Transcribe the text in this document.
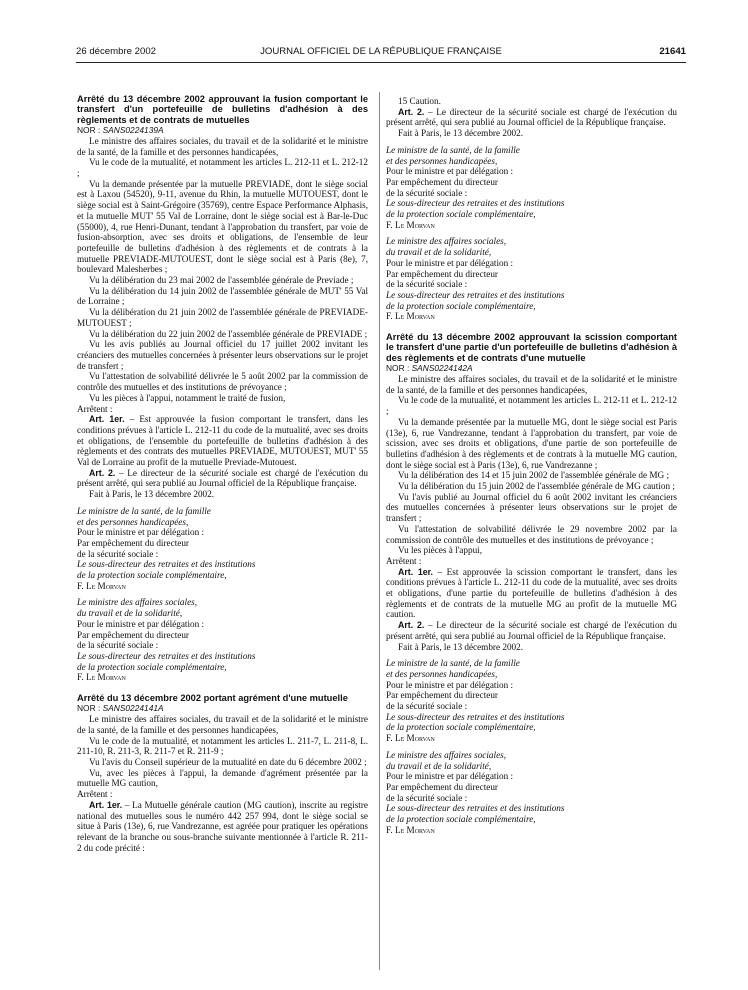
26 décembre 2002	JOURNAL OFFICIEL DE LA RÉPUBLIQUE FRANÇAISE	21641

Arrêté du 13 décembre 2002 approuvant la fusion comportant le transfert d'un portefeuille de bulletins d'adhésion à des règlements et de contrats de mutuelles

NOR : SANS0224139A

Le ministre des affaires sociales, du travail et de la solidarité et le ministre de la santé, de la famille et des personnes handicapées,

Vu le code de la mutualité, et notamment les articles L. 212-11 et L. 212-12 ;

Vu la demande présentée par la mutuelle PREVIADE, dont le siège social est à Laxou (54520), 9-11, avenue du Rhin, la mutuelle MUTOUEST, dont le siège social est à Saint-Grégoire (35769), centre Espace Performance Alphasis, et la mutuelle MUT' 55 Val de Lorraine, dont le siège social est à Bar-le-Duc (55000), 4, rue Henri-Dunant, tendant à l'approbation du transfert, par voie de fusion-absorption, avec ses droits et obligations, de l'ensemble de leur portefeuille de bulletins d'adhésion à des règlements et de contrats à la mutuelle PREVIADE-MUTOUEST, dont le siège social est à Paris (8e), 7, boulevard Malesherbes ;

Vu la délibération du 23 mai 2002 de l'assemblée générale de Previade ;

Vu la délibération du 14 juin 2002 de l'assemblée générale de MUT' 55 Val de Lorraine ;

Vu la délibération du 21 juin 2002 de l'assemblée générale de PREVIADE-MUTOUEST ;

Vu la délibération du 22 juin 2002 de l'assemblée générale de PREVIADE ;

Vu les avis publiés au Journal officiel du 17 juillet 2002 invitant les créanciers des mutuelles concernées à présenter leurs observations sur le projet de transfert ;

Vu l'attestation de solvabilité délivrée le 5 août 2002 par la commission de contrôle des mutuelles et des institutions de prévoyance ;

Vu les pièces à l'appui, notamment le traité de fusion,

Arrêtent :

Art. 1er. – Est approuvée la fusion comportant le transfert, dans les conditions prévues à l'article L. 212-11 du code de la mutualité, avec ses droits et obligations, de l'ensemble du portefeuille de bulletins d'adhésion à des règlements et des contrats des mutuelles PREVIADE, MUTOUEST, MUT' 55 Val de Lorraine au profit de la mutuelle Previade-Mutouest.

Art. 2. – Le directeur de la sécurité sociale est chargé de l'exécution du présent arrêté, qui sera publié au Journal officiel de la République française.

Fait à Paris, le 13 décembre 2002.

Le ministre de la santé, de la famille

et des personnes handicapées,

Pour le ministre et par délégation :

Par empêchement du directeur

de la sécurité sociale :

Le sous-directeur des retraites et des institutions

de la protection sociale complémentaire,

F. Le Morvan

Le ministre des affaires sociales,

du travail et de la solidarité,

Pour le ministre et par délégation :

Par empêchement du directeur

de la sécurité sociale :

Le sous-directeur des retraites et des institutions

de la protection sociale complémentaire,

F. Le Morvan

Arrêté du 13 décembre 2002 portant agrément d'une mutuelle

NOR : SANS0224141A

Le ministre des affaires sociales, du travail et de la solidarité et le ministre de la santé, de la famille et des personnes handicapées,

Vu le code de la mutualité, et notamment les articles L. 211-7, L. 211-8, L. 211-10, R. 211-3, R. 211-7 et R. 211-9 ;

Vu l'avis du Conseil supérieur de la mutualité en date du 6 décembre 2002 ;

Vu, avec les pièces à l'appui, la demande d'agrément présentée par la mutuelle MG caution,

Arrêtent :

Art. 1er. – La Mutuelle générale caution (MG caution), inscrite au registre national des mutuelles sous le numéro 442 257 994, dont le siège social se situe à Paris (13e), 6, rue Vandrezanne, est agréée pour pratiquer les opérations relevant de la branche ou sous-branche suivante mentionnée à l'article R. 211-2 du code précité :

15 Caution.

Art. 2. – Le directeur de la sécurité sociale est chargé de l'exécution du présent arrêté, qui sera publié au Journal officiel de la République française.

Fait à Paris, le 13 décembre 2002.

Le ministre de la santé, de la famille

et des personnes handicapées,

Pour le ministre et par délégation :

Par empêchement du directeur

de la sécurité sociale :

Le sous-directeur des retraites et des institutions

de la protection sociale complémentaire,

F. Le Morvan

Le ministre des affaires sociales,

du travail et de la solidarité,

Pour le ministre et par délégation :

Par empêchement du directeur

de la sécurité sociale :

Le sous-directeur des retraites et des institutions

de la protection sociale complémentaire,

F. Le Morvan

Arrêté du 13 décembre 2002 approuvant la scission comportant le transfert d'une partie d'un portefeuille de bulletins d'adhésion à des règlements et de contrats d'une mutuelle

NOR : SANS0224142A

Le ministre des affaires sociales, du travail et de la solidarité et le ministre de la santé, de la famille et des personnes handicapées,

Vu le code de la mutualité, et notamment les articles L. 212-11 et L. 212-12 ;

Vu la demande présentée par la mutuelle MG, dont le siège social est Paris (13e), 6, rue Vandrezanne, tendant à l'approbation du transfert, par voie de scission, avec ses droits et obligations, d'une partie de son portefeuille de bulletins d'adhésion à des règlements et de contrats à la mutuelle MG caution, dont le siège social est à Paris (13e), 6, rue Vandrezanne ;

Vu la délibération des 14 et 15 juin 2002 de l'assemblée générale de MG ;

Vu la délibération du 15 juin 2002 de l'assemblée générale de MG caution ;

Vu l'avis publié au Journal officiel du 6 août 2002 invitant les créanciers des mutuelles concernées à présenter leurs observations sur le projet de transfert ;

Vu l'attestation de solvabilité délivrée le 29 novembre 2002 par la commission de contrôle des mutuelles et des institutions de prévoyance ;

Vu les pièces à l'appui,

Arrêtent :

Art. 1er. – Est approuvée la scission comportant le transfert, dans les conditions prévues à l'article L. 212-11 du code de la mutualité, avec ses droits et obligations, d'une partie du portefeuille de bulletins d'adhésion à des règlements et de contrats de la mutuelle MG au profit de la mutuelle MG caution.

Art. 2. – Le directeur de la sécurité sociale est chargé de l'exécution du présent arrêté, qui sera publié au Journal officiel de la République française.

Fait à Paris, le 13 décembre 2002.

Le ministre de la santé, de la famille

et des personnes handicapées,

Pour le ministre et par délégation :

Par empêchement du directeur

de la sécurité sociale :

Le sous-directeur des retraites et des institutions

de la protection sociale complémentaire,

F. Le Morvan

Le ministre des affaires sociales,

du travail et de la solidarité,

Pour le ministre et par délégation :

Par empêchement du directeur

de la sécurité sociale :

Le sous-directeur des retraites et des institutions

de la protection sociale complémentaire,

F. Le Morvan
